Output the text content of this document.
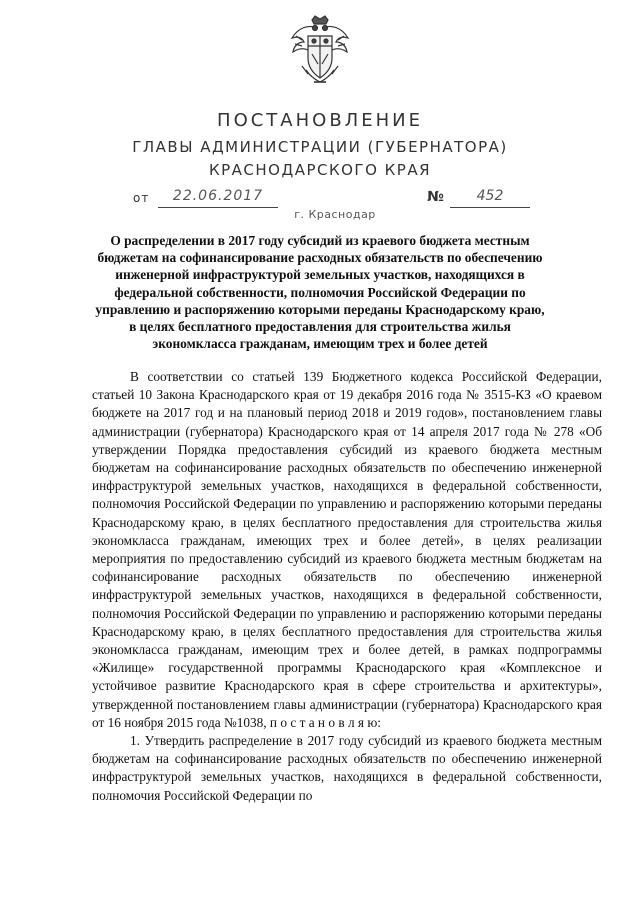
ПОСТАНОВЛЕНИЕ
ГЛАВЫ АДМИНИСТРАЦИИ (ГУБЕРНАТОРА)
КРАСНОДАРСКОГО КРАЯ
от	22.06.2017	№	452
г. Краснодар
О распределении в 2017 году субсидий из краевого бюджета местным
бюджетам на софинансирование расходных обязательств по обеспечению
инженерной инфраструктурой земельных участков, находящихся в
федеральной собственности, полномочия Российской Федерации по
управлению и распоряжению которыми переданы Краснодарскому краю,
в целях бесплатного предоставления для строительства жилья
экономкласса гражданам, имеющим трех и более детей

В соответствии со статьей 139 Бюджетного кодекса Российской Федерации, статьей 10 Закона Краснодарского края от 19 декабря 2016 года № 3515-КЗ «О краевом бюджете на 2017 год и на плановый период 2018 и 2019 годов», постановлением главы администрации (губернатора) Краснодарского края от 14 апреля 2017 года № 278 «Об утверждении Порядка предоставления субсидий из краевого бюджета местным бюджетам на софинансирование расходных обязательств по обеспечению инженерной инфраструктурой земельных участков, находящихся в федеральной собственности, полномочия Российской Федерации по управлению и распоряжению которыми переданы Краснодарскому краю, в целях бесплатного предоставления для строительства жилья экономкласса гражданам, имеющих трех и более детей», в целях реализации мероприятия по предоставлению субсидий из краевого бюджета местным бюджетам на софинансирование расходных обязательств по обеспечению инженерной инфраструктурой земельных участков, находящихся в федеральной собственности, полномочия Российской Федерации по управлению и распоряжению которыми переданы Краснодарскому краю, в целях бесплатного предоставления для строительства жилья экономкласса гражданам, имеющим трех и более детей, в рамках подпрограммы «Жилище» государственной программы Краснодарского края «Комплексное и устойчивое развитие Краснодарского края в сфере строительства и архитектуры», утвержденной постановлением главы администрации (губернатора) Краснодарского края от 16 ноября 2015 года №1038, п о с т а н о в л я ю:

1. Утвердить распределение в 2017 году субсидий из краевого бюджета местным бюджетам на софинансирование расходных обязательств по обеспечению инженерной инфраструктурой земельных участков, находящихся в федеральной собственности, полномочия Российской Федерации по
